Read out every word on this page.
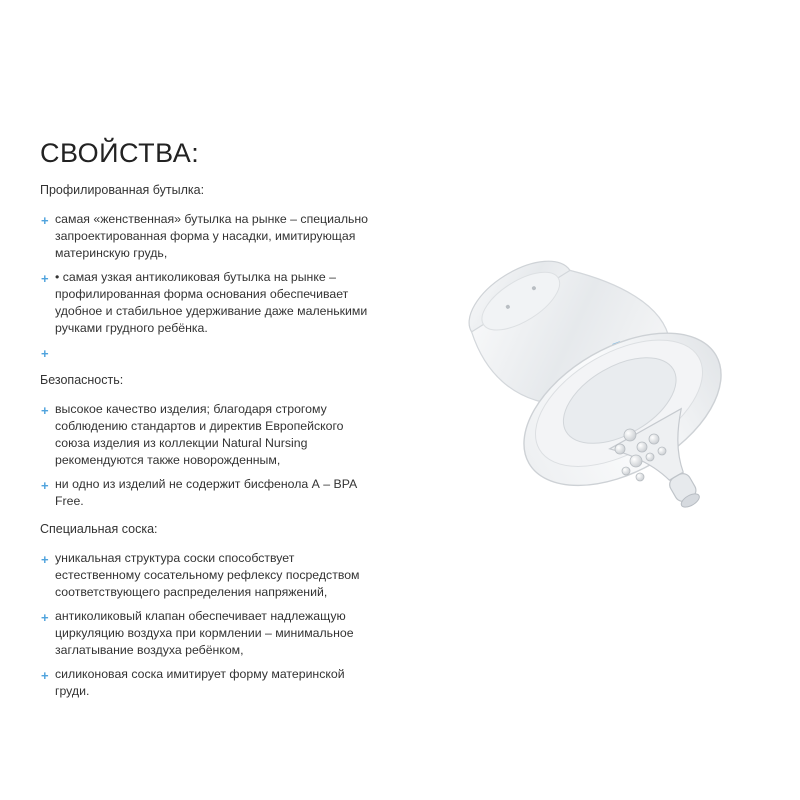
СВОЙСТВА:

Профилированная бутылка:

+ самая «женственная» бутылка на рынке – специально запроектированная форма у насадки, имитирующая материнскую грудь,
+ • самая узкая антиколиковая бутылка на рынке – профилированная форма основания обеспечивает удобное и стабильное удерживание даже маленькими ручками грудного ребёнка.
+

Безопасность:

+ высокое качество изделия; благодаря строгому соблюдению стандартов и директив Европейского союза изделия из коллекции Natural Nursing рекомендуются также новорожденным,
+ ни одно из изделий не содержит бисфенола А – BPA Free.

Специальная соска:

+ уникальная структура соски способствует естественному сосательному рефлексу посредством соответствующего распределения напряжений,
+ антиколиковый клапан обеспечивает надлежащую циркуляцию воздуха при кормлении – минимальное заглатывание воздуха ребёнком,
+ силиконовая соска имитирует форму материнской груди.
